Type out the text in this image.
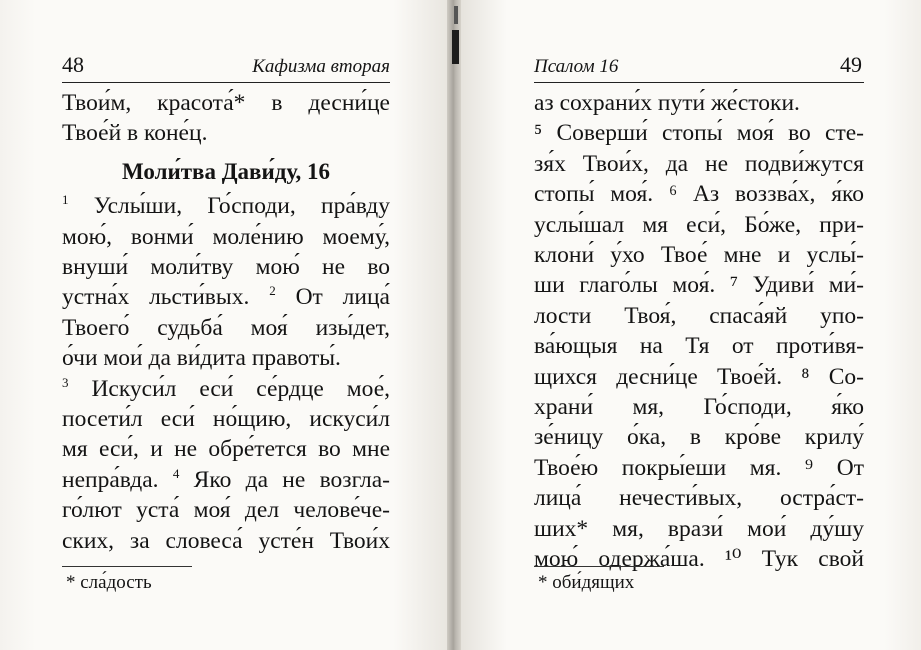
48	Кафизма вторая
Твои́м, красота́* в десни́це
Твое́й в коне́ц.
Моли́тва Дави́ду, 16
$^1$ Услы́ши, Го́споди, пра́вду
мою́, вонми́ моле́нию моему́,
внуши́ моли́тву мою́ не во
устна́х льсти́вых. $^2$ От лица́
Твоего́ судьба́ моя́ изы́дет,
о́чи мои́ да ви́дита правоты́.
$^3$ Искуси́л еси́ се́рдце мое́,
посети́л еси́ но́щию, искуси́л
мя еси́, и не обре́тется во мне
непра́вда. $^4$ Яко да не возгла-
го́лют уста́ моя́ дел челове́че-
ских, за словеса́ усте́н Твои́х
* сла́дость
Псалом 16	49
аз сохрани́х пути́ же́стоки.
⁵ Соверши́ стопы́ моя́ во сте-
зя́х Твои́х, да не подви́жутся
стопы́ моя́. ⁶ Аз воззва́х, я́ко
услы́шал мя еси́, Бо́же, при-
клони́ у́хо Твое́ мне и услы́-
ши глаго́лы моя́. ⁷ Удиви́ ми́-
лости Твоя́, спаса́яй упо-
ва́ющыя на Тя от проти́вя-
щихся десни́це Твое́й. ⁸ Со-
храни́ мя, Го́споди, я́ко
зе́ницу о́ка, в кро́ве крилу́
Твое́ю покры́еши мя. ⁹ От
лица́ нечести́вых, остра́ст-
ших* мя, врази́ мои́ ду́шу
мою́ одержа́ша. ¹⁰ Тук свой
* оби́дящих
